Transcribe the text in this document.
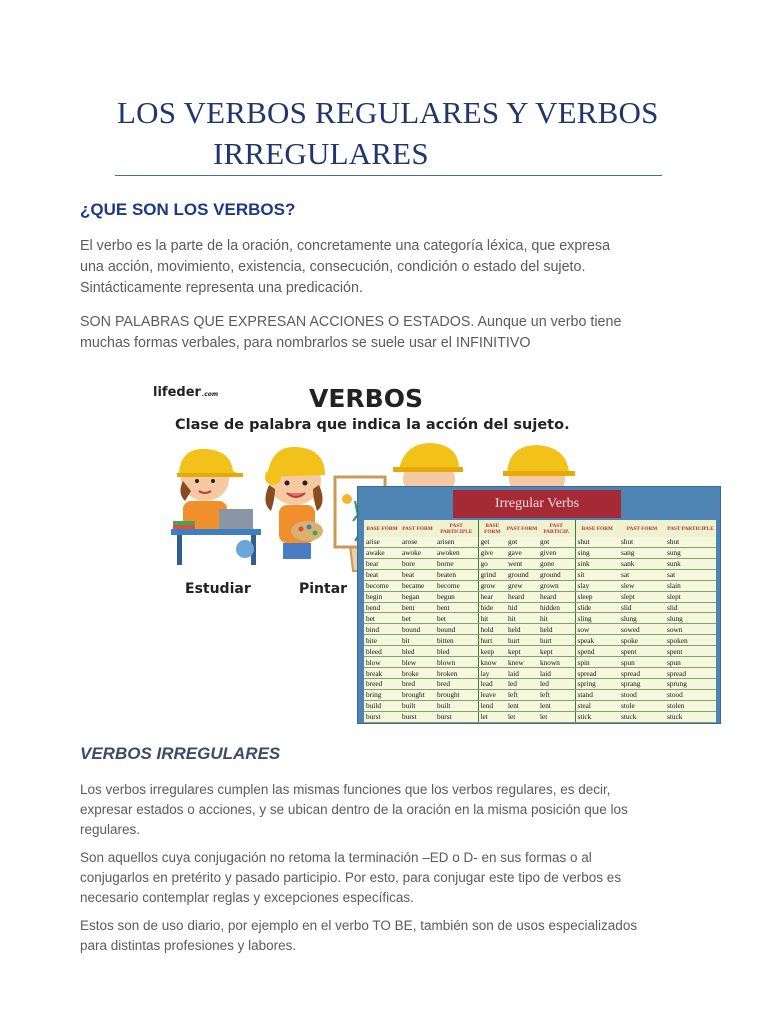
LOS VERBOS REGULARES Y VERBOS
IRREGULARES
¿QUE SON LOS VERBOS?
El verbo es la parte de la oración, concretamente una categoría léxica, que expresa
una acción, movimiento, existencia, consecución, condición o estado del sujeto.
Sintácticamente representa una predicación.
SON PALABRAS QUE EXPRESAN ACCIONES O ESTADOS. Aunque un verbo tiene
muchas formas verbales, para nombrarlos se suele usar el INFINITIVO
lifeder.com	VERBOS
Clase de palabra que indica la acción del sujeto.
Estudiar	Pintar
Irregular Verbs
BASE FORM	PAST FORM	PAST PARTICIPLE	BASE FORM	PAST FORM	PAST PARTICIP.	BASE FORM	PAST FORM	PAST PARTICIPLE
arise	arose	arisen	get	got	got	shut	shut	shut
awake	awoke	awoken	give	gave	given	sing	sang	sung
bear	bore	borne	go	went	gone	sink	sank	sunk
beat	beat	beaten	grind	ground	ground	sit	sat	sat
become	became	become	grow	grew	grown	slay	slew	slain
begin	began	begun	hear	heard	heard	sleep	slept	slept
bend	bent	bent	hide	hid	hidden	slide	slid	slid
bet	bet	bet	hit	hit	hit	sling	slung	slung
bind	bound	bound	hold	held	held	sow	sowed	sown
bite	bit	bitten	hurt	hurt	hurt	speak	spoke	spoken
bleed	bled	bled	keep	kept	kept	spend	spent	spent
blow	blew	blown	know	knew	known	spin	spun	spun
break	broke	broken	lay	laid	laid	spread	spread	spread
breed	bred	bred	lead	led	led	spring	sprang	sprung
bring	brought	brought	leave	left	left	stand	stood	stood
build	built	built	lend	lent	lent	steal	stole	stolen
burst	burst	burst	let	let	let	stick	stuck	stuck
VERBOS IRREGULARES
Los verbos irregulares cumplen las mismas funciones que los verbos regulares, es decir,
expresar estados o acciones, y se ubican dentro de la oración en la misma posición que los
regulares.
Son aquellos cuya conjugación no retoma la terminación –ED o D- en sus formas o al
conjugarlos en pretérito y pasado participio. Por esto, para conjugar este tipo de verbos es
necesario contemplar reglas y excepciones específicas.
Estos son de uso diario, por ejemplo en el verbo TO BE, también son de usos especializados
para distintas profesiones y labores.
